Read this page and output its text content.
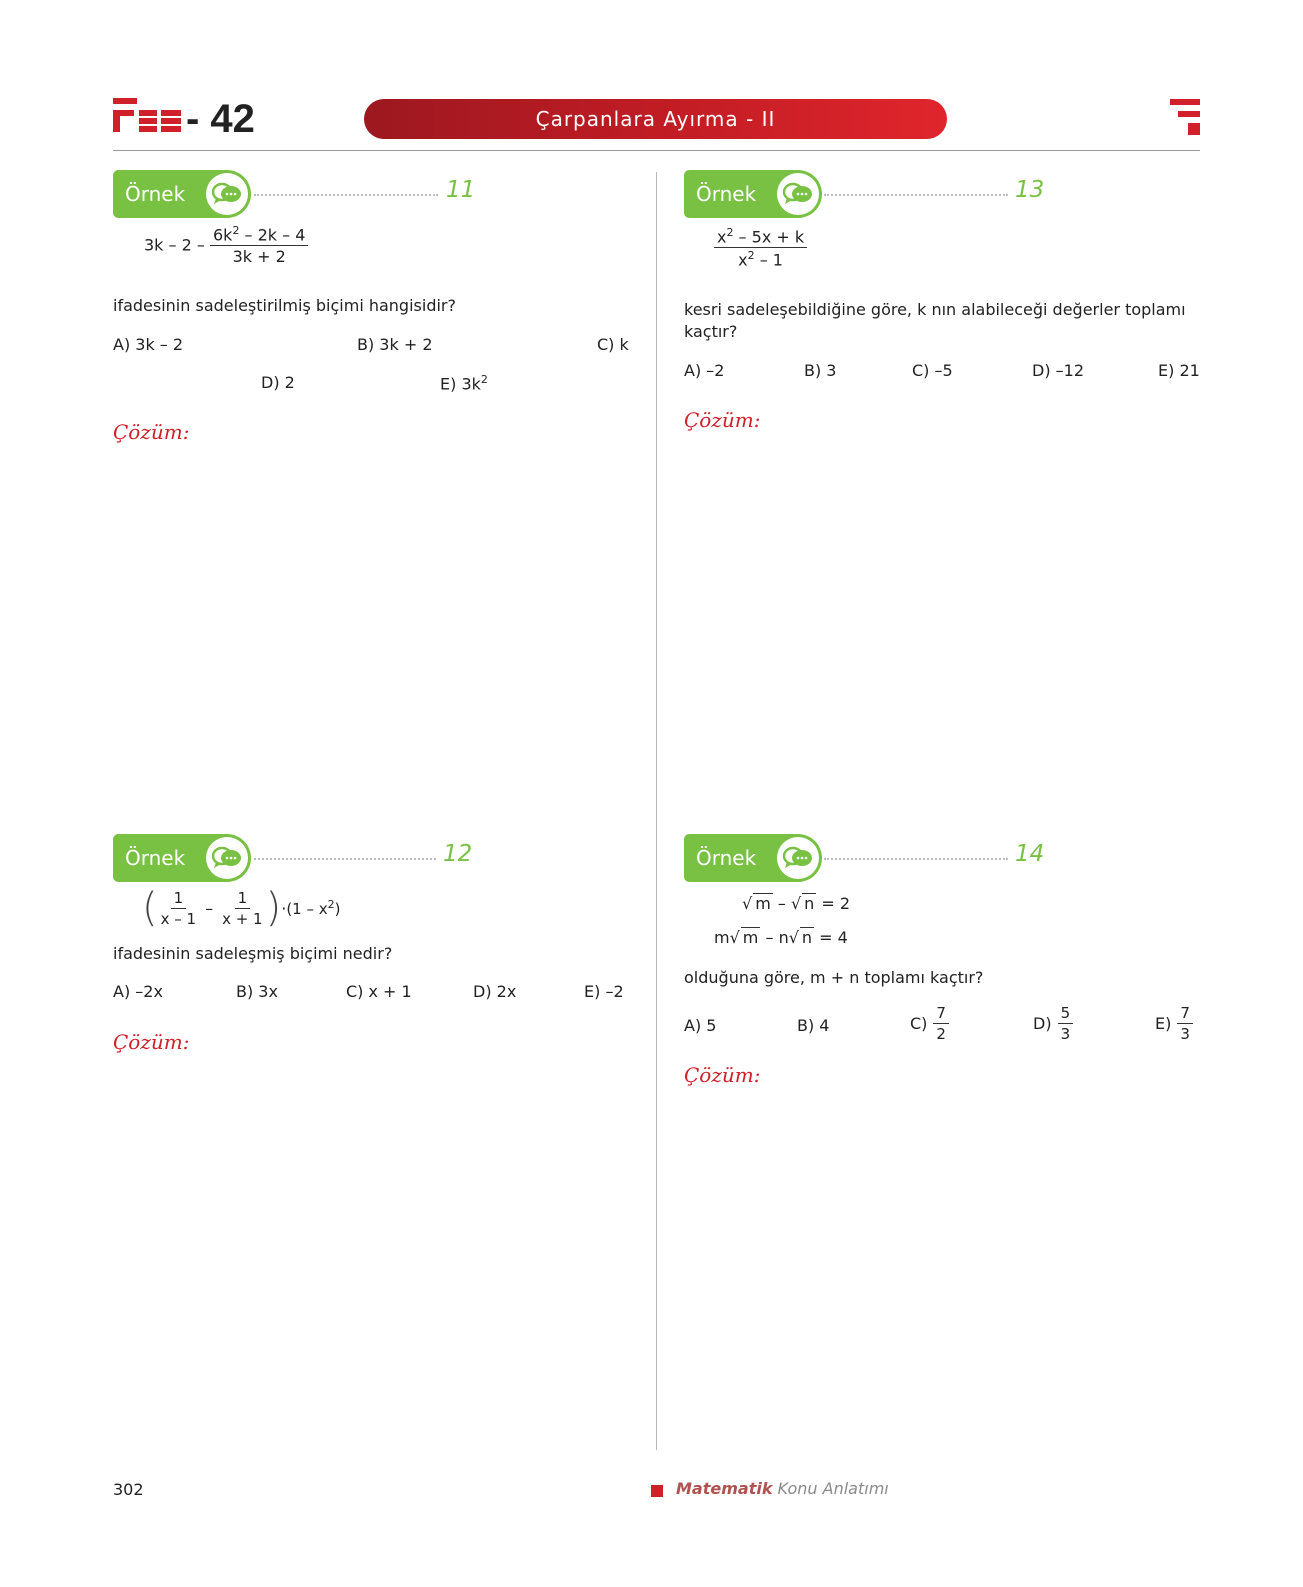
- 42	Çarpanlara Ayırma - II
Örnek	11
$3k - 2 - \frac{6k^2 - 2k - 4}{3k + 2}$
ifadesinin sadeleştirilmiş biçimi hangisidir?
A) 3k – 2	B) 3k + 2	C) k
D) 2	E) $3k^2$
Çözüm:
Örnek	12
( $\frac{1}{x - 1} - \frac{1}{x + 1}$ ) · $(1 - x^2)$
ifadesinin sadeleşmiş biçimi nedir?
A) –2x	B) 3x	C) x + 1	D) 2x	E) –2
Çözüm:
Örnek	13
$\frac{x^2 - 5x + k}{x^2 - 1}$
kesri sadeleşebildiğine göre, k nın alabileceği değerler toplamı
kaçtır?
A) –2	B) 3	C) –5	D) –12	E) 21
Çözüm:
Örnek	14
√ m – √ n = 2
m√ m – n√ n = 4
olduğuna göre, m + n toplamı kaçtır?
A) 5	B) 4	$C) \frac{7}{2}$	$D) \frac{5}{3}$	$E) \frac{7}{3}$
Çözüm:
302	Matematik Konu Anlatımı
